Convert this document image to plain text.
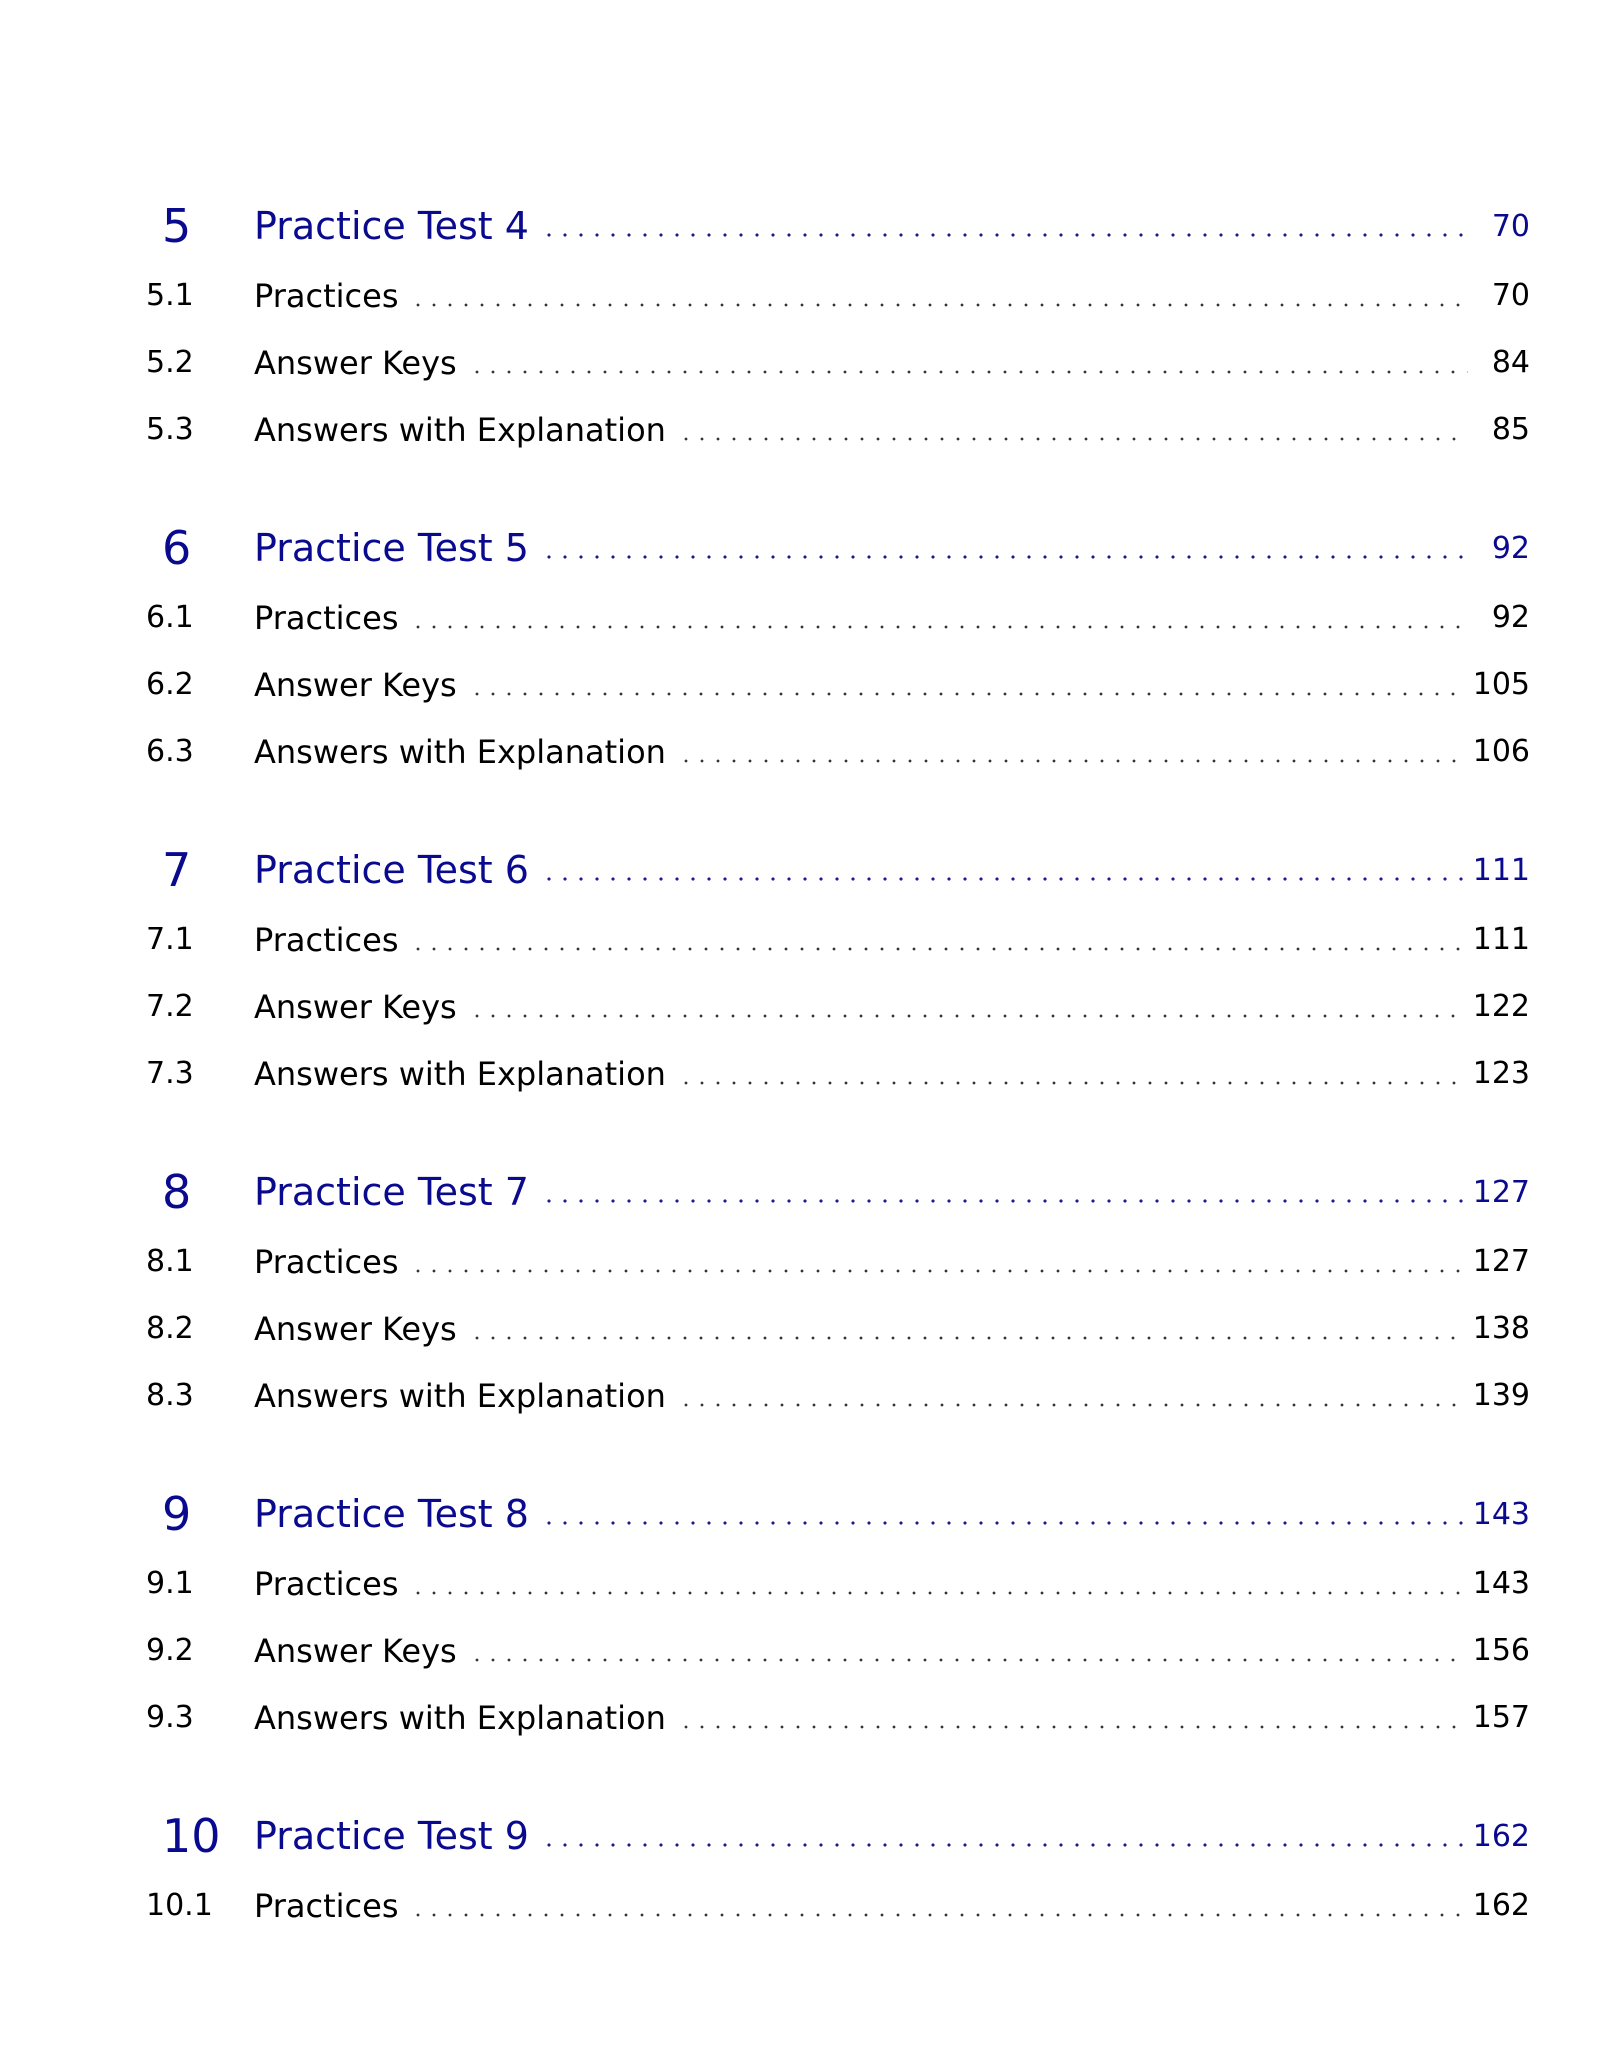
5	Practice Test 4	70
5.1	Practices	70
5.2	Answer Keys	84
5.3	Answers with Explanation	85
6	Practice Test 5	92
6.1	Practices	92
6.2	Answer Keys	105
6.3	Answers with Explanation	106
7	Practice Test 6	111
7.1	Practices	111
7.2	Answer Keys	122
7.3	Answers with Explanation	123
8	Practice Test 7	127
8.1	Practices	127
8.2	Answer Keys	138
8.3	Answers with Explanation	139
9	Practice Test 8	143
9.1	Practices	143
9.2	Answer Keys	156
9.3	Answers with Explanation	157
10 Practice Test 9	162
10.1	Practices	162
